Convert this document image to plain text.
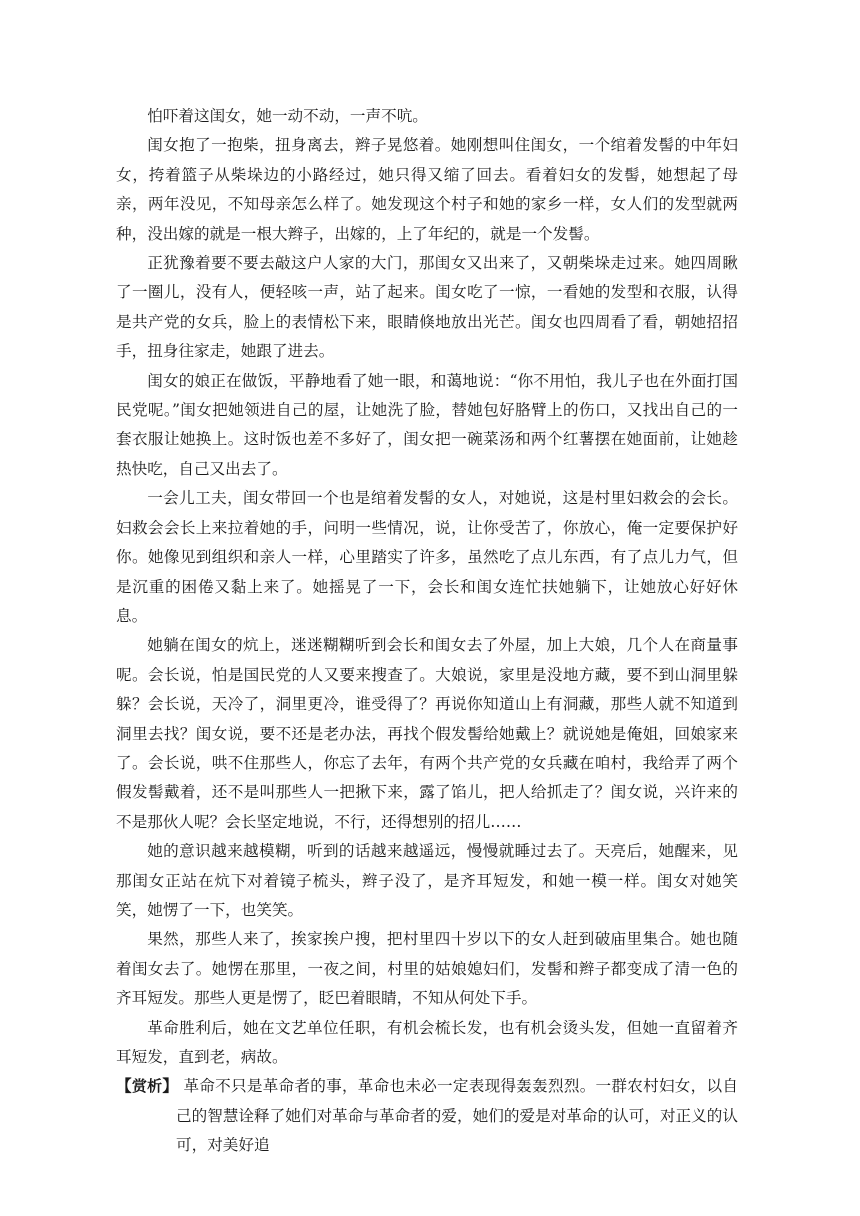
怕吓着这闺女，她一动不动，一声不吭。

闺女抱了一抱柴，扭身离去，辫子晃悠着。她刚想叫住闺女，一个绾着发髻的中年妇女，挎着篮子从柴垛边的小路经过，她只得又缩了回去。看着妇女的发髻，她想起了母亲，两年没见，不知母亲怎么样了。她发现这个村子和她的家乡一样，女人们的发型就两种，没出嫁的就是一根大辫子，出嫁的，上了年纪的，就是一个发髻。

正犹豫着要不要去敲这户人家的大门，那闺女又出来了，又朝柴垛走过来。她四周瞅了一圈儿，没有人，便轻咳一声，站了起来。闺女吃了一惊，一看她的发型和衣服，认得是共产党的女兵，脸上的表情松下来，眼睛倏地放出光芒。闺女也四周看了看，朝她招招手，扭身往家走，她跟了进去。

闺女的娘正在做饭，平静地看了她一眼，和蔼地说：“你不用怕，我儿子也在外面打国民党呢。”闺女把她领进自己的屋，让她洗了脸，替她包好胳臂上的伤口，又找出自己的一套衣服让她换上。这时饭也差不多好了，闺女把一碗菜汤和两个红薯摆在她面前，让她趁热快吃，自己又出去了。

一会儿工夫，闺女带回一个也是绾着发髻的女人，对她说，这是村里妇救会的会长。妇救会会长上来拉着她的手，问明一些情况，说，让你受苦了，你放心，俺一定要保护好你。她像见到组织和亲人一样，心里踏实了许多，虽然吃了点儿东西，有了点儿力气，但是沉重的困倦又黏上来了。她摇晃了一下，会长和闺女连忙扶她躺下，让她放心好好休息。

她躺在闺女的炕上，迷迷糊糊听到会长和闺女去了外屋，加上大娘，几个人在商量事呢。会长说，怕是国民党的人又要来搜查了。大娘说，家里是没地方藏，要不到山洞里躲躲？会长说，天冷了，洞里更冷，谁受得了？再说你知道山上有洞藏，那些人就不知道到洞里去找？闺女说，要不还是老办法，再找个假发髻给她戴上？就说她是俺姐，回娘家来了。会长说，哄不住那些人，你忘了去年，有两个共产党的女兵藏在咱村，我给弄了两个假发髻戴着，还不是叫那些人一把揪下来，露了馅儿，把人给抓走了？闺女说，兴许来的不是那伙人呢？会长坚定地说，不行，还得想别的招儿……

她的意识越来越模糊，听到的话越来越遥远，慢慢就睡过去了。天亮后，她醒来，见那闺女正站在炕下对着镜子梳头，辫子没了，是齐耳短发，和她一模一样。闺女对她笑笑，她愣了一下，也笑笑。

果然，那些人来了，挨家挨户搜，把村里四十岁以下的女人赶到破庙里集合。她也随着闺女去了。她愣在那里，一夜之间，村里的姑娘媳妇们，发髻和辫子都变成了清一色的齐耳短发。那些人更是愣了，眨巴着眼睛，不知从何处下手。

革命胜利后，她在文艺单位任职，有机会梳长发，也有机会烫头发，但她一直留着齐耳短发，直到老，病故。

【赏析】 革命不只是革命者的事，革命也未必一定表现得轰轰烈烈。一群农村妇女，以自己的智慧诠释了她们对革命与革命者的爱，她们的爱是对革命的认可，对正义的认可，对美好追
